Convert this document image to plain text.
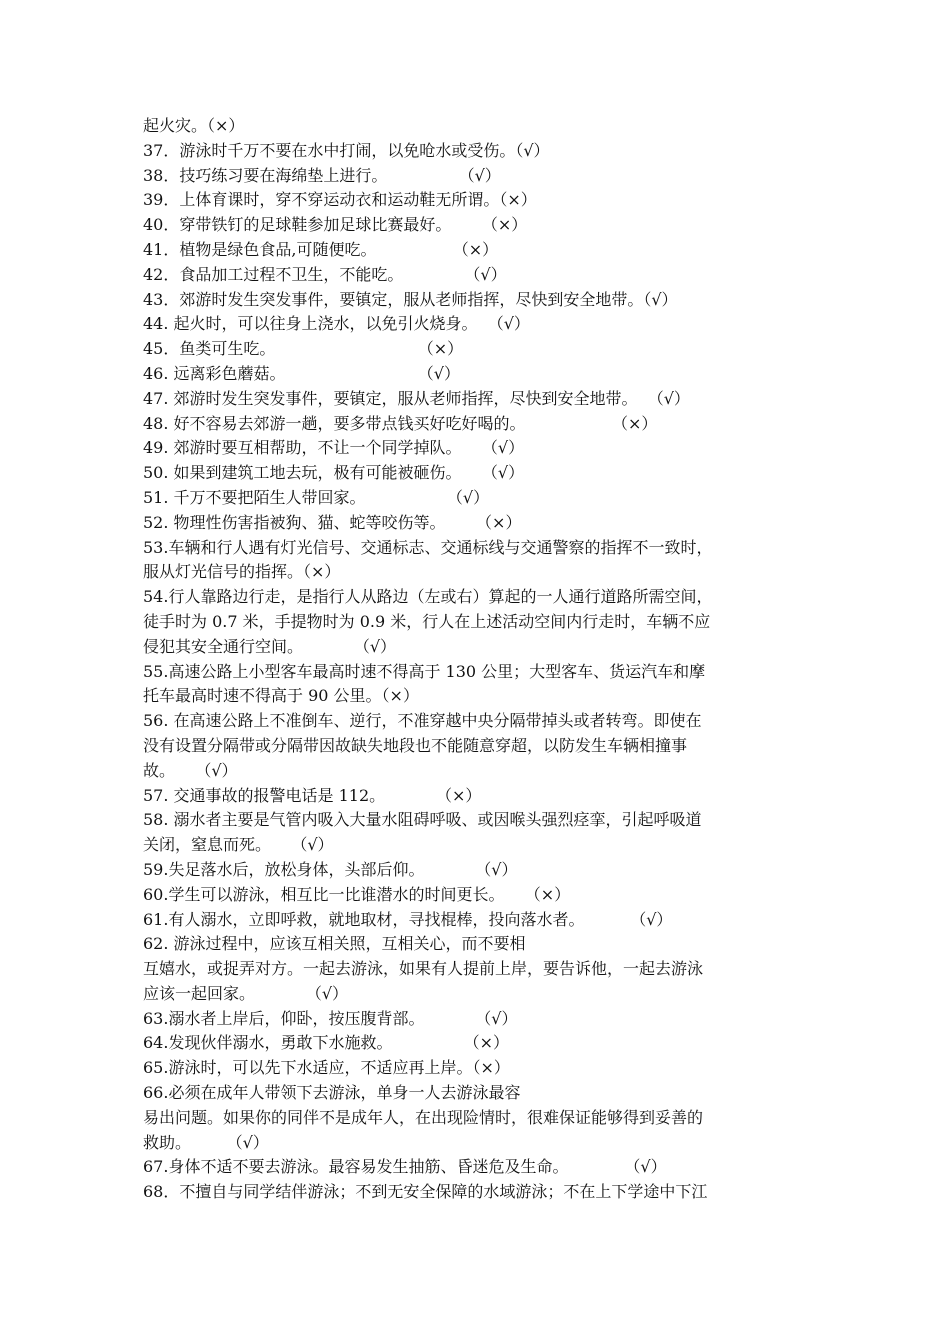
起火灾。（×）
37．游泳时千万不要在水中打闹，以免呛水或受伤。（√）
38．技巧练习要在海绵垫上进行。              （√）
39．上体育课时，穿不穿运动衣和运动鞋无所谓。（×）
40．穿带铁钉的足球鞋参加足球比赛最好。      （×）
41．植物是绿色食品,可随便吃。               （×）
42．食品加工过程不卫生，不能吃。            （√）
43．郊游时发生突发事件，要镇定，服从老师指挥，尽快到安全地带。（√）
44. 起火时，可以往身上浇水，以免引火烧身。  （√）
45．鱼类可生吃。                            （×）
46. 远离彩色蘑菇。                          （√）
47. 郊游时发生突发事件，要镇定，服从老师指挥，尽快到安全地带。  （√）
48. 好不容易去郊游一趟，要多带点钱买好吃好喝的。                 （×）
49. 郊游时要互相帮助，不让一个同学掉队。    （√）
50. 如果到建筑工地去玩，极有可能被砸伤。    （√）
51. 千万不要把陌生人带回家。                （√）
52. 物理性伤害指被狗、猫、蛇等咬伤等。      （×）
53.车辆和行人遇有灯光信号、交通标志、交通标线与交通警察的指挥不一致时，
服从灯光信号的指挥。（×）
54.行人靠路边行走，是指行人从路边（左或右）算起的一人通行道路所需空间，
徒手时为 0.7 米，手提物时为 0.9 米，行人在上述活动空间内行走时，车辆不应
侵犯其安全通行空间。          （√）
55.高速公路上小型客车最高时速不得高于 130 公里；大型客车、货运汽车和摩
托车最高时速不得高于 90 公里。（×）
56. 在高速公路上不准倒车、逆行，不准穿越中央分隔带掉头或者转弯。即使在
没有设置分隔带或分隔带因故缺失地段也不能随意穿超，以防发生车辆相撞事
故。    （√）
57. 交通事故的报警电话是 112。          （×）
58. 溺水者主要是气管内吸入大量水阻碍呼吸、或因喉头强烈痉挛，引起呼吸道
关闭，窒息而死。    （√）
59.失足落水后，放松身体，头部后仰。          （√）
60.学生可以游泳，相互比一比谁潜水的时间更长。    （×）
61.有人溺水，立即呼救，就地取材，寻找棍棒，投向落水者。         （√）
62. 游泳过程中，应该互相关照，互相关心，而不要相
互嬉水，或捉弄对方。一起去游泳，如果有人提前上岸，要告诉他，一起去游泳
应该一起回家。          （√）
63.溺水者上岸后，仰卧，按压腹背部。          （√）
64.发现伙伴溺水，勇敢下水施救。              （×）
65.游泳时，可以先下水适应，不适应再上岸。（×）
66.必须在成年人带领下去游泳，单身一人去游泳最容
易出问题。如果你的同伴不是成年人，在出现险情时，很难保证能够得到妥善的
救助。       （√）
67.身体不适不要去游泳。最容易发生抽筋、昏迷危及生命。           （√）
68．不擅自与同学结伴游泳；不到无安全保障的水域游泳；不在上下学途中下江
